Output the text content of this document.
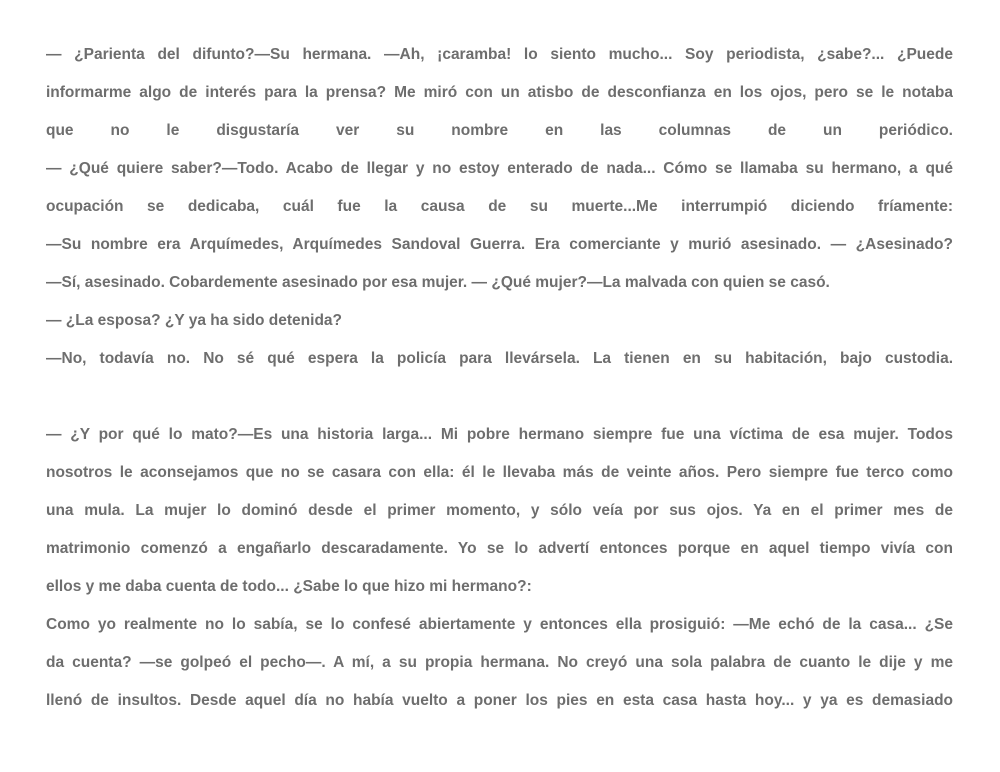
— ¿Parienta del difunto?—Su hermana. —Ah, ¡caramba! lo siento mucho... Soy periodista, ¿sabe?... ¿Puede
informarme algo de interés para la prensa? Me miró con un atisbo de desconfianza en los ojos, pero se le notaba
que no le disgustaría ver su nombre en las columnas de un periódico.
— ¿Qué quiere saber?—Todo. Acabo de llegar y no estoy enterado de nada... Cómo se llamaba su hermano, a qué
ocupación se dedicaba, cuál fue la causa de su muerte...Me interrumpió diciendo fríamente:
—Su nombre era Arquímedes, Arquímedes Sandoval Guerra. Era comerciante y murió asesinado. — ¿Asesinado?
—Sí, asesinado. Cobardemente asesinado por esa mujer. — ¿Qué mujer?—La malvada con quien se casó.
— ¿La esposa? ¿Y ya ha sido detenida?
—No, todavía no. No sé qué espera la policía para llevársela. La tienen en su habitación, bajo custodia.
— ¿Y por qué lo mato?—Es una historia larga... Mi pobre hermano siempre fue una víctima de esa mujer. Todos
nosotros le aconsejamos que no se casara con ella: él le llevaba más de veinte años. Pero siempre fue terco como
una mula. La mujer lo dominó desde el primer momento, y sólo veía por sus ojos. Ya en el primer mes de
matrimonio comenzó a engañarlo descaradamente. Yo se lo advertí entonces porque en aquel tiempo vivía con
ellos y me daba cuenta de todo... ¿Sabe lo que hizo mi hermano?:
Como yo realmente no lo sabía, se lo confesé abiertamente y entonces ella prosiguió: —Me echó de la casa... ¿Se
da cuenta? —se golpeó el pecho—. A mí, a su propia hermana. No creyó una sola palabra de cuanto le dije y me
llenó de insultos. Desde aquel día no había vuelto a poner los pies en esta casa hasta hoy... y ya es demasiado
